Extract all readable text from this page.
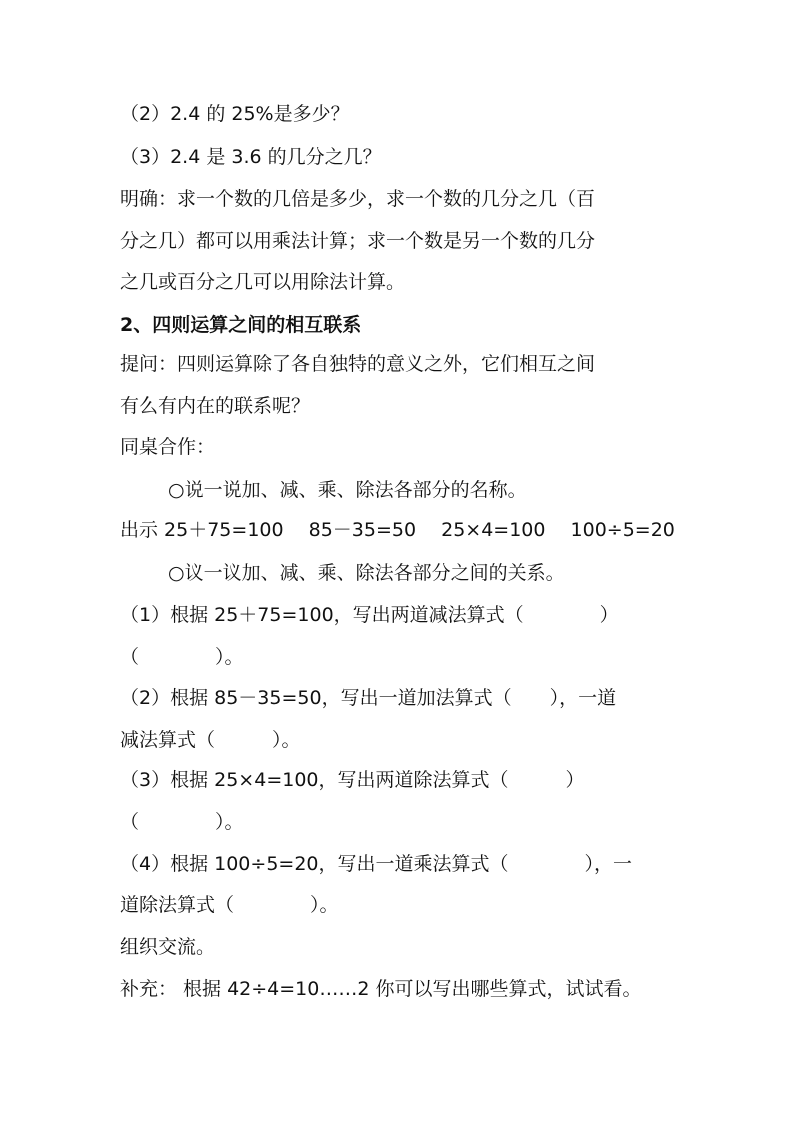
（2）2.4 的 25%是多少？
（3）2.4 是 3.6 的几分之几？
明确：求一个数的几倍是多少，求一个数的几分之几（百
分之几）都可以用乘法计算；求一个数是另一个数的几分
之几或百分之几可以用除法计算。
2、四则运算之间的相互联系
提问：四则运算除了各自独特的意义之外，它们相互之间
有么有内在的联系呢？
同桌合作：
○说一说加、减、乘、除法各部分的名称。
出示 25＋75=100　 85－35=50　 25×4=100　 100÷5=20
○议一议加、减、乘、除法各部分之间的关系。
（1）根据 25＋75=100，写出两道减法算式（　　　　）
（　　　　）。
（2）根据 85－35=50，写出一道加法算式（　　），一道
减法算式（　　　）。
（3）根据 25×4=100，写出两道除法算式（　　　）
（　　　　）。
（4）根据 100÷5=20，写出一道乘法算式（　　　　），一
道除法算式（　　　　）。
组织交流。
补充： 根据 42÷4=10……2 你可以写出哪些算式，试试看。
